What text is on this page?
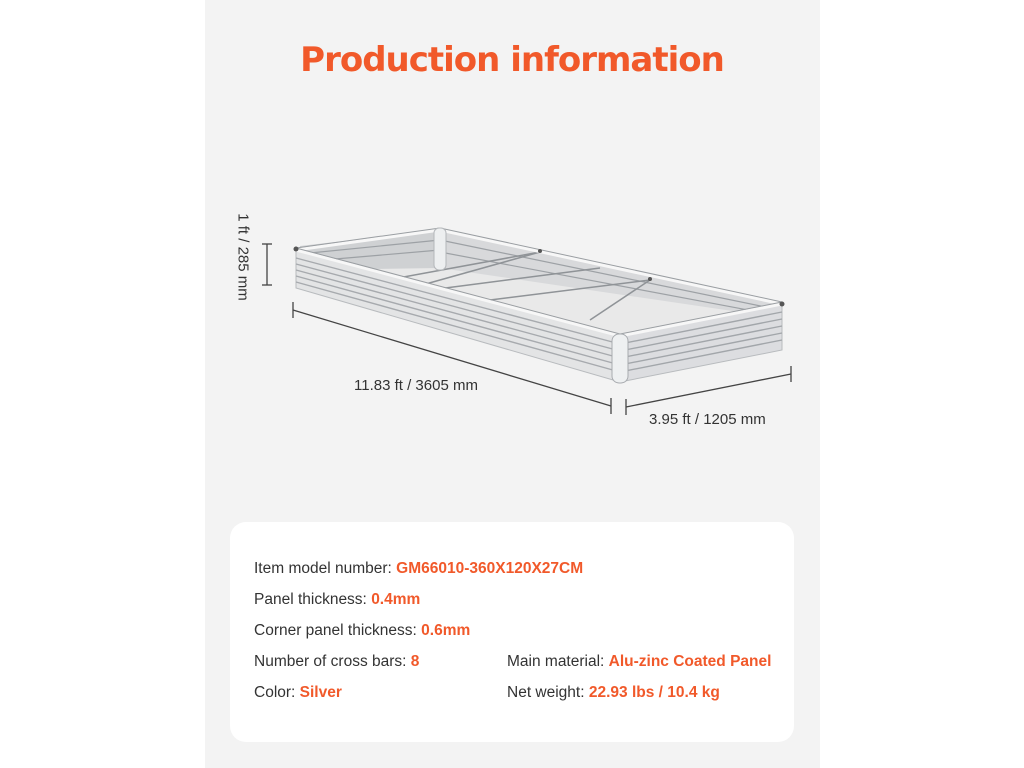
Production information
1 ft / 285 mm
11.83 ft / 3605 mm
3.95 ft / 1205 mm
Item model number: GM66010-360X120X27CM
Panel thickness: 0.4mm
Corner panel thickness: 0.6mm
Number of cross bars: 8
Color: Silver
Main material: Alu-zinc Coated Panel
Net weight: 22.93 lbs / 10.4 kg
